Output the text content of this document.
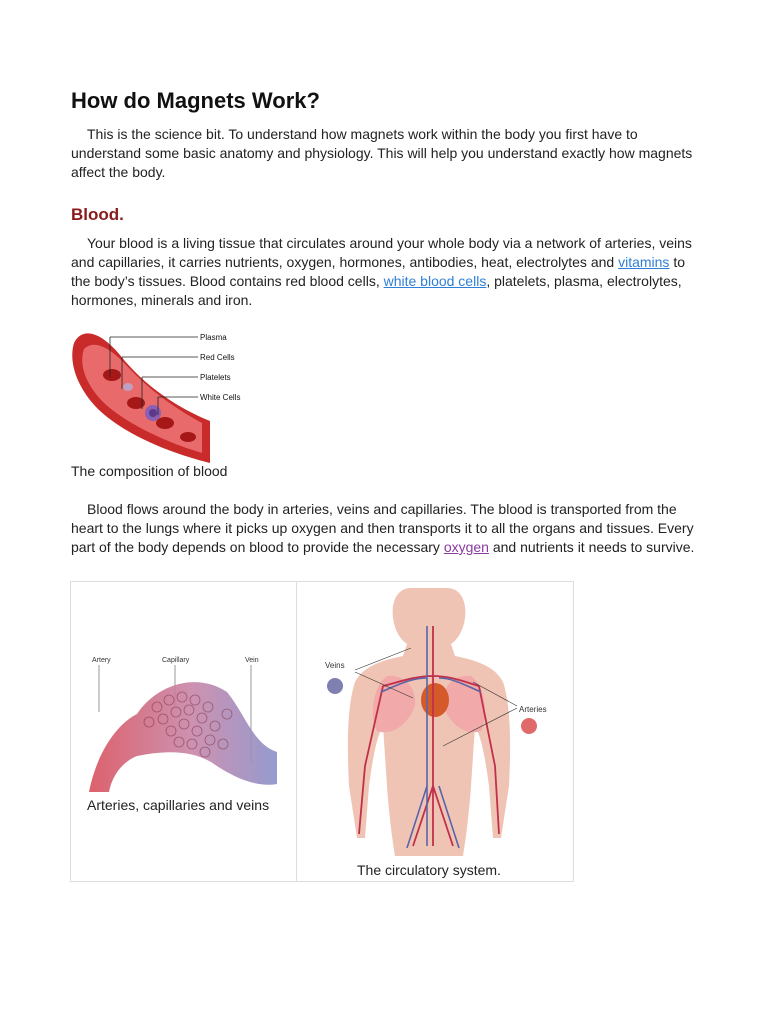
How do Magnets Work?

This is the science bit. To understand how magnets work within the body you first have to understand some basic anatomy and physiology. This will help you understand exactly how magnets affect the body.

Blood.

Your blood is a living tissue that circulates around your whole body via a network of arteries, veins and capillaries, it carries nutrients, oxygen, hormones, antibodies, heat, electrolytes and vitamins to the body’s tissues. Blood contains red blood cells, white blood cells, platelets, plasma, electrolytes, hormones, minerals and iron.

Plasma
Red Cells
Platelets
White Cells

The composition of blood

Blood flows around the body in arteries, veins and capillaries. The blood is transported from the heart to the lungs where it picks up oxygen and then transports it to all the organs and tissues. Every part of the body depends on blood to provide the necessary oxygen and nutrients it needs to survive.

Artery	Capillary	Vein

Arteries, capillaries and veins

Veins
Arteries

The circulatory system.
